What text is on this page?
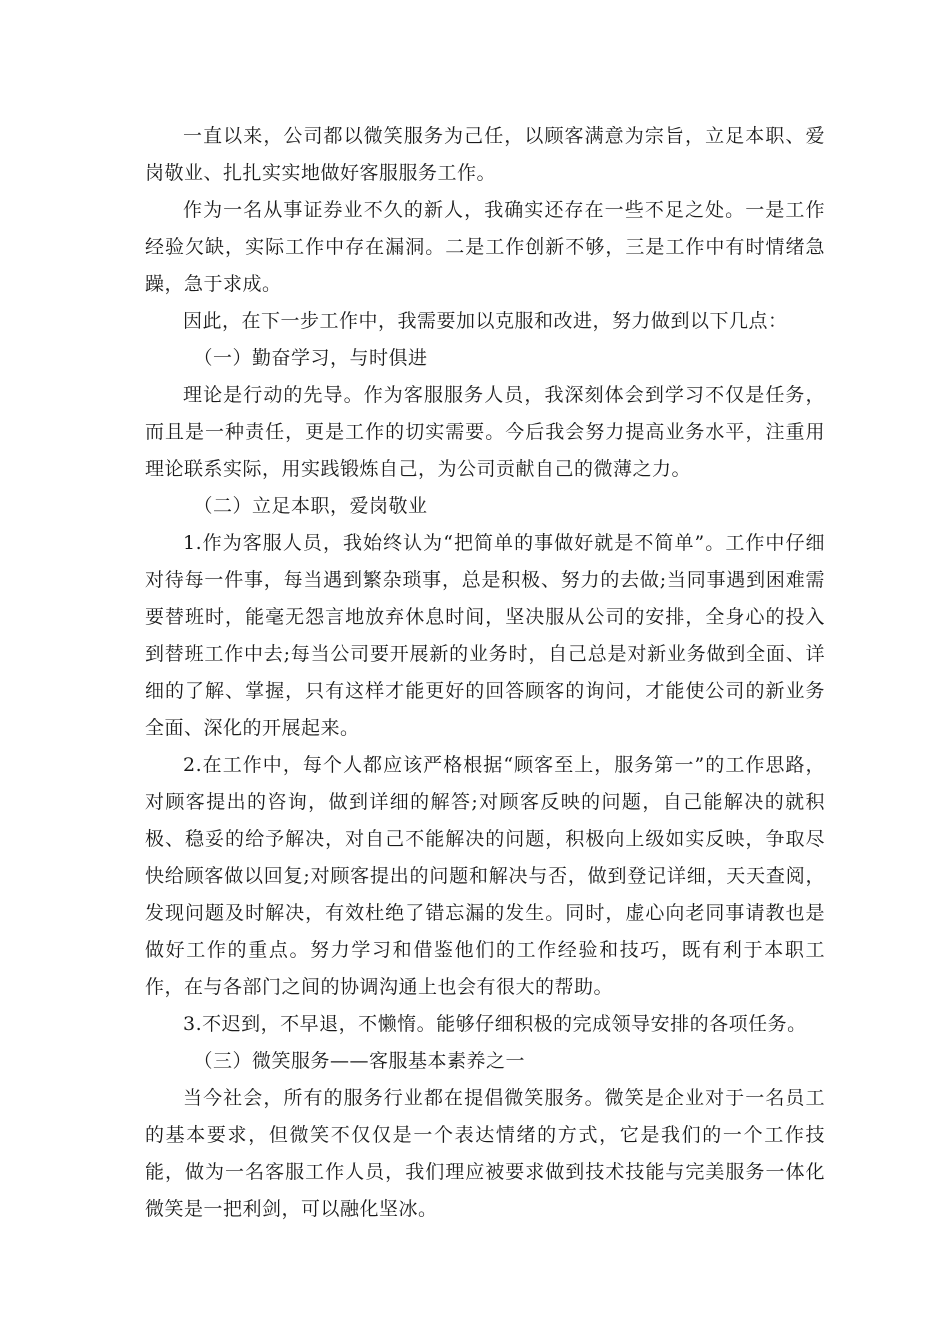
一直以来，公司都以微笑服务为己任，以顾客满意为宗旨，立足本职、爱岗敬业、扎扎实实地做好客服服务工作。

作为一名从事证券业不久的新人，我确实还存在一些不足之处。一是工作经验欠缺，实际工作中存在漏洞。二是工作创新不够，三是工作中有时情绪急躁，急于求成。

因此，在下一步工作中，我需要加以克服和改进，努力做到以下几点：

（一）勤奋学习，与时俱进

理论是行动的先导。作为客服服务人员，我深刻体会到学习不仅是任务，而且是一种责任，更是工作的切实需要。今后我会努力提高业务水平，注重用理论联系实际，用实践锻炼自己，为公司贡献自己的微薄之力。

（二）立足本职，爱岗敬业

1.作为客服人员，我始终认为“把简单的事做好就是不简单”。工作中仔细对待每一件事，每当遇到繁杂琐事，总是积极、努力的去做;当同事遇到困难需要替班时，能毫无怨言地放弃休息时间，坚决服从公司的安排，全身心的投入到替班工作中去;每当公司要开展新的业务时，自己总是对新业务做到全面、详细的了解、掌握，只有这样才能更好的回答顾客的询问，才能使公司的新业务全面、深化的开展起来。

2.在工作中，每个人都应该严格根据“顾客至上，服务第一”的工作思路，对顾客提出的咨询，做到详细的解答;对顾客反映的问题，自己能解决的就积极、稳妥的给予解决，对自己不能解决的问题，积极向上级如实反映，争取尽快给顾客做以回复;对顾客提出的问题和解决与否，做到登记详细，天天查阅，发现问题及时解决，有效杜绝了错忘漏的发生。同时，虚心向老同事请教也是做好工作的重点。努力学习和借鉴他们的工作经验和技巧，既有利于本职工作，在与各部门之间的协调沟通上也会有很大的帮助。

3.不迟到，不早退，不懒惰。能够仔细积极的完成领导安排的各项任务。

（三）微笑服务——客服基本素养之一

当今社会，所有的服务行业都在提倡微笑服务。微笑是企业对于一名员工的基本要求，但微笑不仅仅是一个表达情绪的方式，它是我们的一个工作技能，做为一名客服工作人员，我们理应被要求做到技术技能与完美服务一体化微笑是一把利剑，可以融化坚冰。
